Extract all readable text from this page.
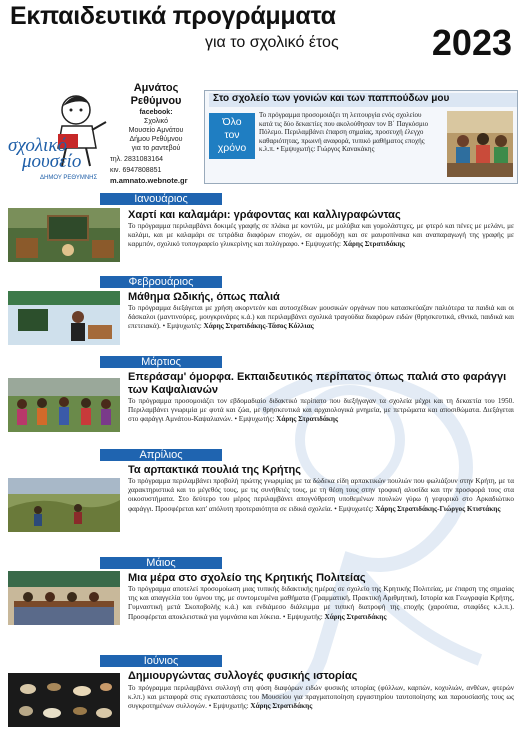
Εκπαιδευτικά προγράμματα
για το σχολικό έτος	2023
σχολικό
μουσείο
ΔΗΜΟΥ ΡΕΘΥΜΝΗΣ
Αμνάτος
Ρεθύμνου
facebook:
Σχολικό
Μουσείο Αμνάτου
Δήμου Ρεθύμνου
για το ραντεβού
τηλ. 2831083164
κιν. 6947808851
m.amnato.webnote.gr
Στο σχολείο των γονιών και των παππούδων μου
Όλο
τον
χρόνο
Το πρόγραμμα προσομοιάζει τη λειτουργία ενός σχολείου κατά τις δύο δεκαετίες που ακολούθησαν τον Β΄ Παγκόσμιο Πόλεμο. Περιλαμβάνει έπαρση σημαίας, προσευχή έλεγχο καθαριότητας, πρωινή αναφορά, τυπικό μαθήματος εποχής κ.λ.π. • Εμψυχωτής: Γιώργος Κανακάκης
Ιανουάριος
Χαρτί και καλαμάρι: γράφοντας και καλλιγραφώντας
Το πρόγραμμα περιλαμβάνει δοκιμές γραφής σε πλάκα με κοντύλι, με μολύβια και γομολάστιχες, με φτερό και πένες με μελάνι, με καλάμι, και με καλαμάρι σε τετράδια διαφόρων εποχών, σε αμμοδόχη και σε μαυροπίνακα και αναπαραγωγή της γραφής με καρμπόν, σχολικό τυπογραφείο γλυκερίνης και πολύγραφο. • Εμψυχωτής: Χάρης Στρατιδάκης
Φεβρουάριος
Μάθημα Ωδικής, όπως παλιά
Το πρόγραμμα διεξάγεται με χρήση ακορντεόν και αυτοσχέδιων μουσικών οργάνων που κατασκεύαζαν παλιότερα τα παιδιά και οι δάσκαλοι (μαντινούρες, μουγκρινάρες κ.ά.) και περιλαμβάνει σχολικά τραγούδια διαφόρων ειδών (θρησκευτικά, εθνικά, παιδικά και επετειακά). • Εμψυχωτές: Χάρης Στρατιδάκης-Τάσος Κόλλιας
Μάρτιος
Επεράσαμ' όμορφα. Εκπαιδευτικός περίπατος όπως παλιά στο φαράγγι των Καψαλιανών
Το πρόγραμμα προσομοιάζει τον εβδομαδιαίο διδακτικό περίπατο που διεξήγαγαν τα σχολεία μέχρι και τη δεκαετία του 1950. Περιλαμβάνει γνωριμία με φυτά και ζώα, με θρησκευτικά και αρχαιολογικά μνημεία, με πετρώματα και αποσιθώματα. Διεξάγεται στο φαράγγι Αμνάτου-Καψαλιανών. • Εμψυχωτής: Χάρης Στρατιδάκης
Απρίλιος
Τα αρπακτικά πουλιά της Κρήτης
Το πρόγραμμα περιλαμβάνει προβολή πρώτης γνωριμίας με τα δώδεκα είδη αρπακτικών πουλιών που φωλιάζουν στην Κρήτη, με τα χαρακτηριστικά και το μέγεθός τους, με τις συνήθειές τους, με τη θέση τους στην τροφική αλυσίδα και την προσφορά τους στα οικοσυστήματα. Στο δεύτερο του μέρος περιλαμβάνει απογνόθρεση υποθεμένων πουλιών γύρω ή γεφυρικό στο Αρκαδιώτικο φαράγγι. Προσφέρεται κατ' απόλυτη προτεραιότητα σε ειδικά σχολεία. • Εμψυχωτές: Χάρης Στρατιδάκης-Γιώργος Κτιστάκης
Μάιος
Μια μέρα στο σχολείο της Κρητικής Πολιτείας
Το πρόγραμμα αποτελεί προσομοίωση μιας τυπικής διδακτικής ημέρας σε σχολείο της Κρητικής Πολιτείας, με έπαρση της σημαίας της και απαγγελία του ύμνου της, με συντομευμένα μαθήματα (Γραμματική, Πρακτική Αριθμητική, Ιστορία και Γεωγραφία Κρήτης, Γυμναστική μετά Σκοποβολής κ.ά.) και ενδιάμεσο διάλειμμα με τυπική διατροφή της εποχής (χαρούπια, σταφίδες κ.λ.π.). Προσφέρεται αποκλειστικά για γυμνάσια και λύκεια. • Εμψυχωτής: Χάρης Στρατιδάκης
Ιούνιος
Δημιουργώντας συλλογές φυσικής ιστορίας
Το πρόγραμμα περιλαμβάνει συλλογή στη φύση διαφόρων ειδών φυσικής ιστορίας (φύλλων, καρπών, κοχυλιών, ανθέων, φτερών κ.λπ.) και μεταφορά στις εγκαταστάσεις του Μουσείου για πραγματοποίηση εργαστηρίου ταυτοποίησης και παρουσίασής τους ως συγκροτημένων συλλογών. • Εμψυχωτής: Χάρης Στρατιδάκης
